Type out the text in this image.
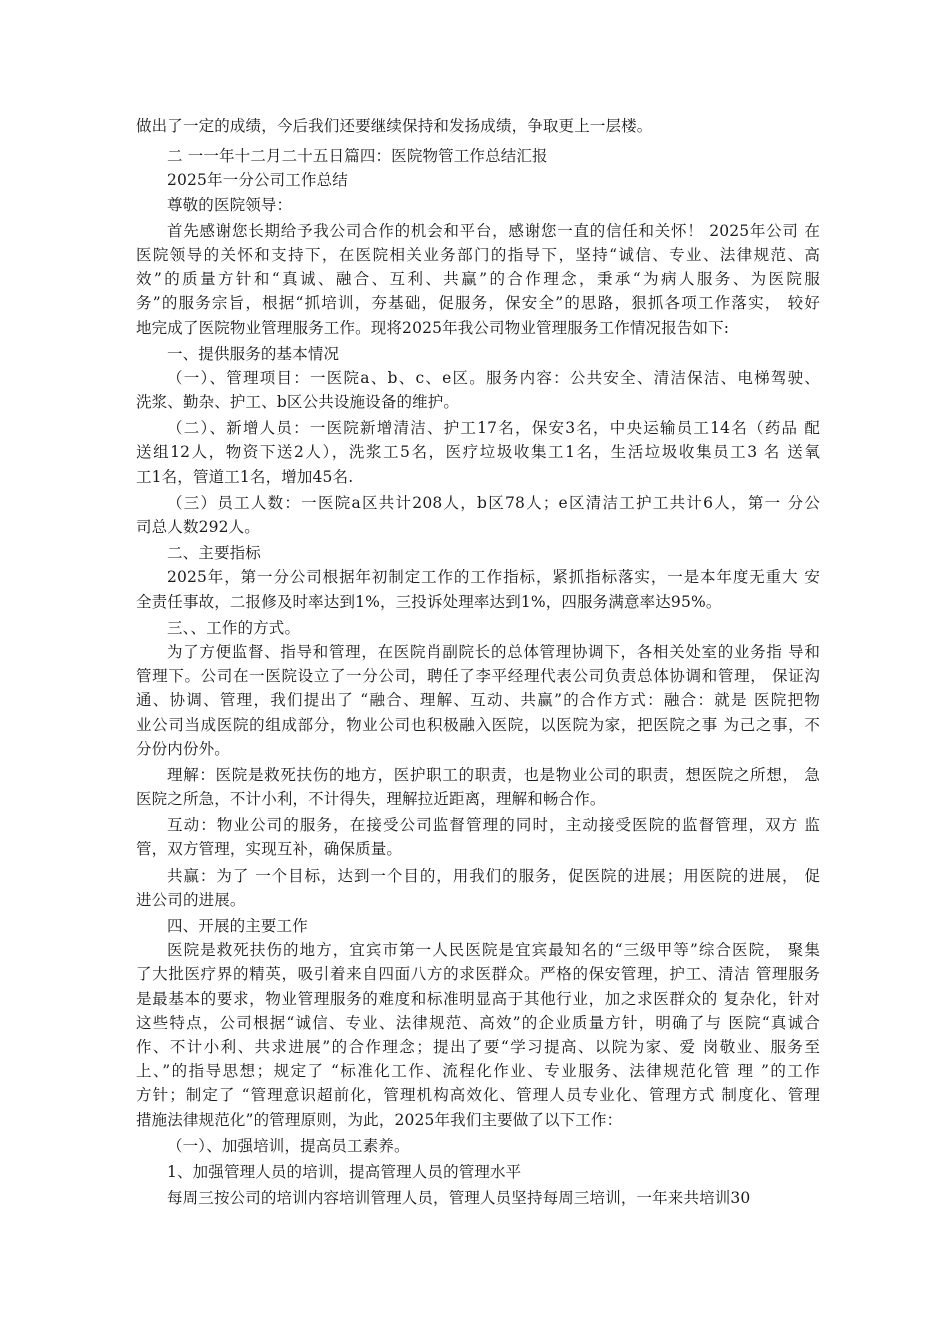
做出了一定的成绩，今后我们还要继续保持和发扬成绩，争取更上一层楼。
二 一一年十二月二十五日篇四：医院物管工作总结汇报
2025年一分公司工作总结
尊敬的医院领导：
首先感谢您长期给予我公司合作的机会和平台，感谢您一直的信任和关怀！ 2025年公司 在
医院领导的关怀和支持下，在医院相关业务部门的指导下，坚持“诚信、专业、法律规范、高
效”的质量方针和“真诚、融合、互利、共赢”的合作理念，秉承“为病人服务、为医院服
务”的服务宗旨，根据“抓培训，夯基础，促服务，保安全”的思路，狠抓各项工作落实， 较好
地完成了医院物业管理服务工作。现将2025年我公司物业管理服务工作情况报告如下:
一、提供服务的基本情况
（一）、管理项目：一医院a、b、c、e区。服务内容：公共安全、清洁保洁、电梯驾驶、
洗浆、勤杂、护工、b区公共设施设备的维护。
（二）、新增人员：一医院新增清洁、护工17名，保安3名，中央运输员工14名（药品 配
送组12人，物资下送2人），洗浆工5名，医疗垃圾收集工1名，生活垃圾收集员工3 名 送氧
工1名，管道工1名，增加45名.
（三）员工人数：一医院a区共计208人，b区78人；e区清洁工护工共计6人，第一 分公
司总人数292人。
二、主要指标
2025年，第一分公司根据年初制定工作的工作指标，紧抓指标落实，一是本年度无重大 安
全责任事故，二报修及时率达到1%，三投诉处理率达到1%，四服务满意率达95%。
三、、工作的方式。
为了方便监督、指导和管理，在医院肖副院长的总体管理协调下，各相关处室的业务指 导和
管理下。公司在一医院设立了一分公司，聘任了李平经理代表公司负责总体协调和管理， 保证沟
通、协调、管理，我们提出了 “融合、理解、互动、共赢”的合作方式：融合：就是 医院把物
业公司当成医院的组成部分，物业公司也积极融入医院，以医院为家，把医院之事 为己之事，不
分份内份外。
理解：医院是救死扶伤的地方，医护职工的职责，也是物业公司的职责，想医院之所想， 急
医院之所急，不计小利，不计得失，理解拉近距离，理解和畅合作。
互动：物业公司的服务，在接受公司监督管理的同时，主动接受医院的监督管理，双方 监
管，双方管理，实现互补，确保质量。
共赢：为了 一个目标，达到一个目的，用我们的服务，促医院的进展；用医院的进展， 促
进公司的进展。
四、开展的主要工作
医院是救死扶伤的地方，宜宾市第一人民医院是宜宾最知名的“三级甲等”综合医院， 聚集
了大批医疗界的精英，吸引着来自四面八方的求医群众。严格的保安管理，护工、清洁 管理服务
是最基本的要求，物业管理服务的难度和标准明显高于其他行业，加之求医群众的 复杂化，针对
这些特点，公司根据“诚信、专业、法律规范、高效”的企业质量方针，明确了与 医院“真诚合
作、不计小利、共求进展”的合作理念；提出了要“学习提高、以院为家、爱 岗敬业、服务至
上、”的指导思想；规定了 “标准化工作、流程化作业、专业服务、法律规范化管 理 ”的工作
方针；制定了 “管理意识超前化，管理机构高效化、管理人员专业化、管理方式 制度化、管理
措施法律规范化”的管理原则，为此，2025年我们主要做了以下工作：
（一）、加强培训，提高员工素养。
1、加强管理人员的培训，提高管理人员的管理水平
每周三按公司的培训内容培训管理人员，管理人员坚持每周三培训，一年来共培训30
